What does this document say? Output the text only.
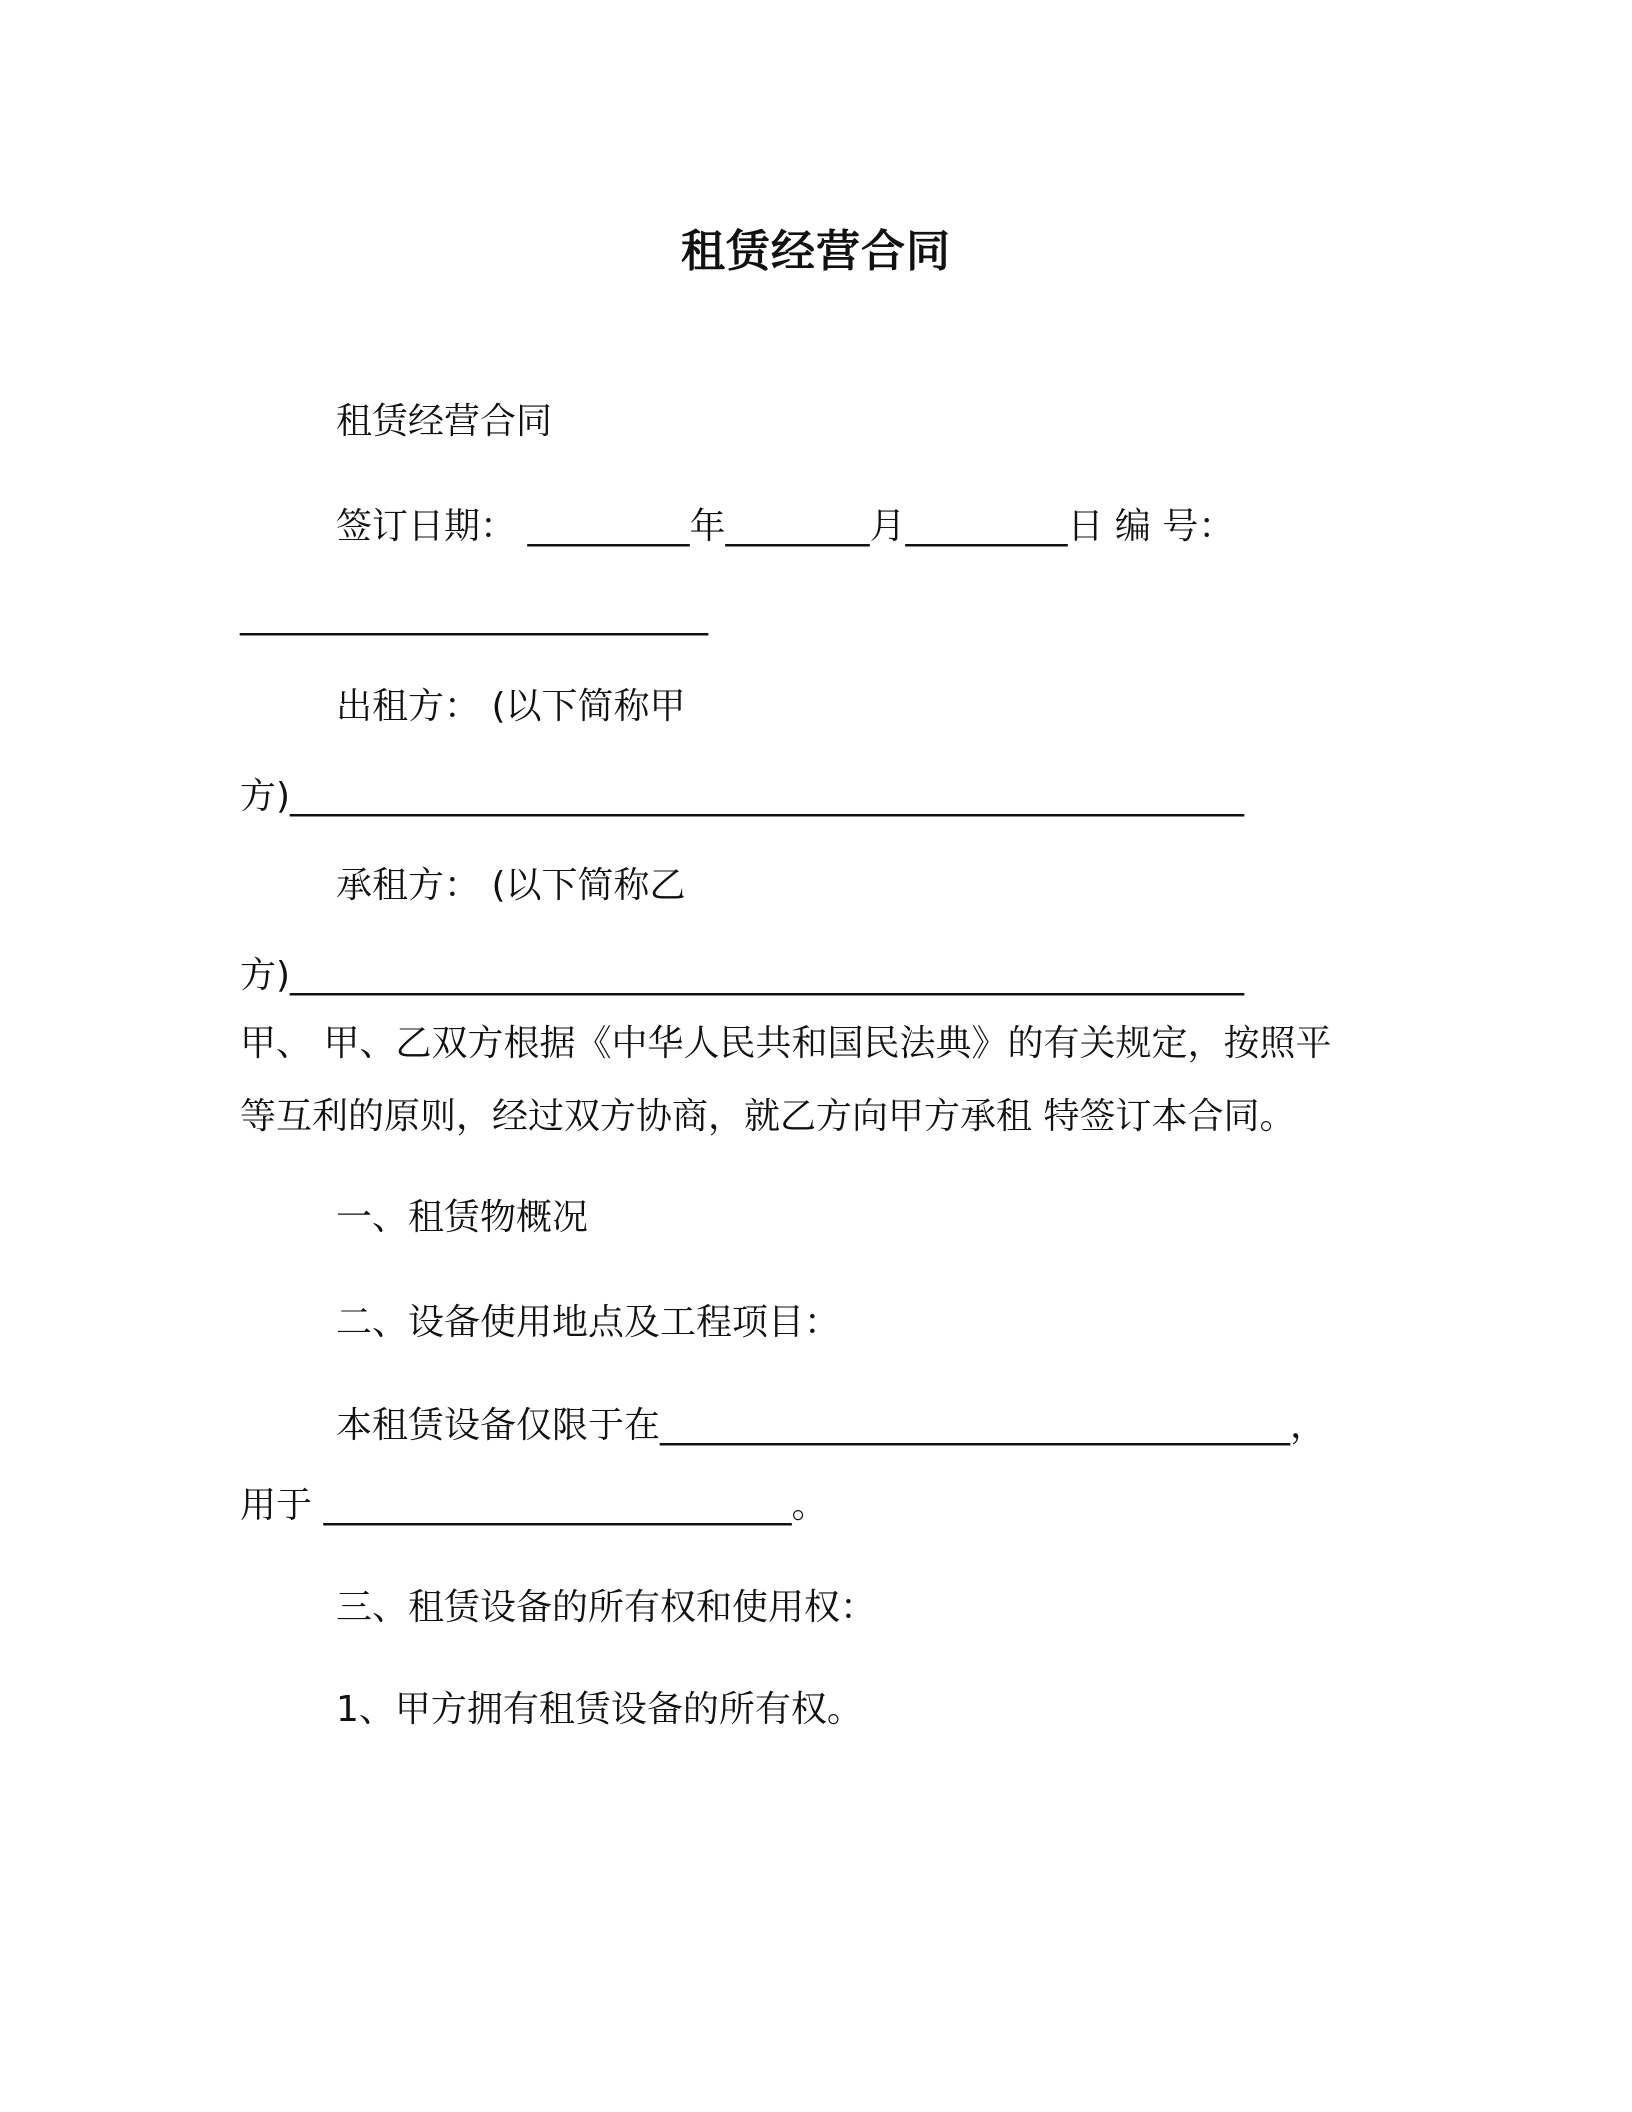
租赁经营合同
租赁经营合同
签订日期： _________年________月_________日 编 号：
__________________________
出租方： (以下简称甲
方)_____________________________________________________
承租方： (以下简称乙
方)_____________________________________________________
甲、 甲、乙双方根据《中华人民共和国民法典》的有关规定，按照平
等互利的原则，经过双方协商，就乙方向甲方承租 特签订本合同。
一、租赁物概况
二、设备使用地点及工程项目：
本租赁设备仅限于在___________________________________，
用于 __________________________。
三、租赁设备的所有权和使用权：
1、甲方拥有租赁设备的所有权。
